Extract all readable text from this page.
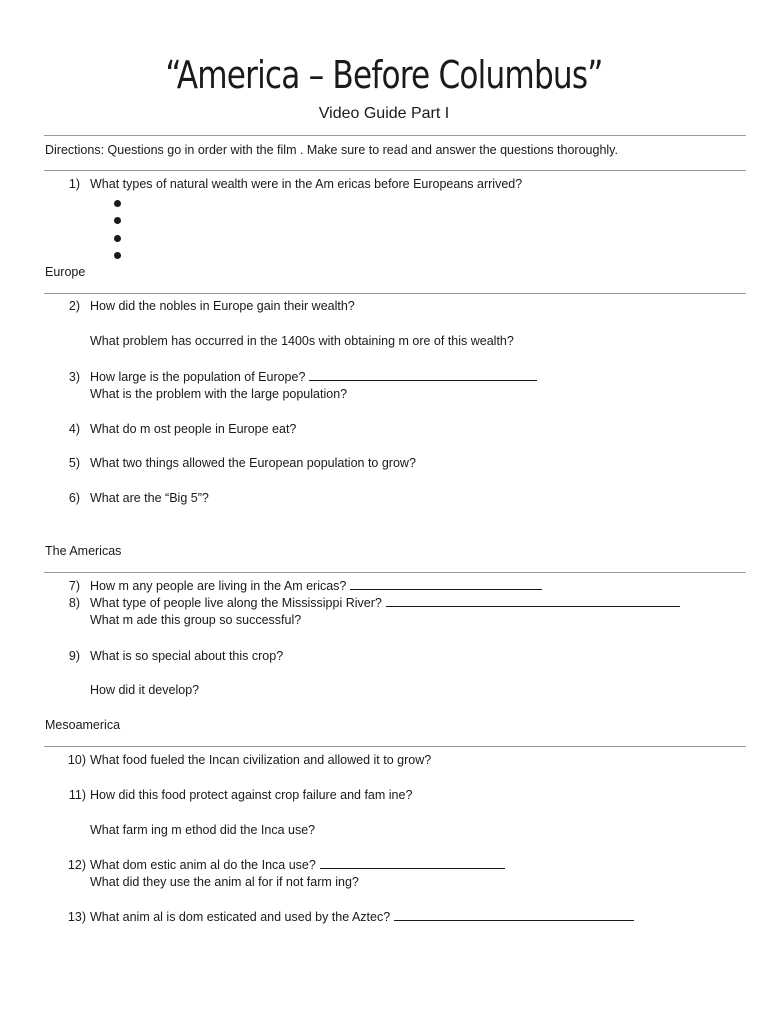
“America – Before Columbus”
Video Guide Part I
Directions: Questions go in order with the film . Make sure to read and answer the questions thoroughly.
1) What types of natural wealth were in the Am ericas before Europeans arrived?
Europe
2) How did the nobles in Europe gain their wealth?
What problem has occurred in the 1400s with obtaining m ore of this wealth?
3) How large is the population of Europe?
What is the problem with the large population?
4) What do m ost people in Europe eat?
5) What two things allowed the European population to grow?
6) What are the “Big 5”?
The Americas
7) How m any people are living in the Am ericas?
8) What type of people live along the Mississippi River?
What m ade this group so successful?
9) What is so special about this crop?
How did it develop?
Mesoamerica
10) What food fueled the Incan civilization and allowed it to grow?
11) How did this food protect against crop failure and fam ine?
What farm ing m ethod did the Inca use?
12) What dom estic anim al do the Inca use?
What did they use the anim al for if not farm ing?
13) What anim al is dom esticated and used by the Aztec?
